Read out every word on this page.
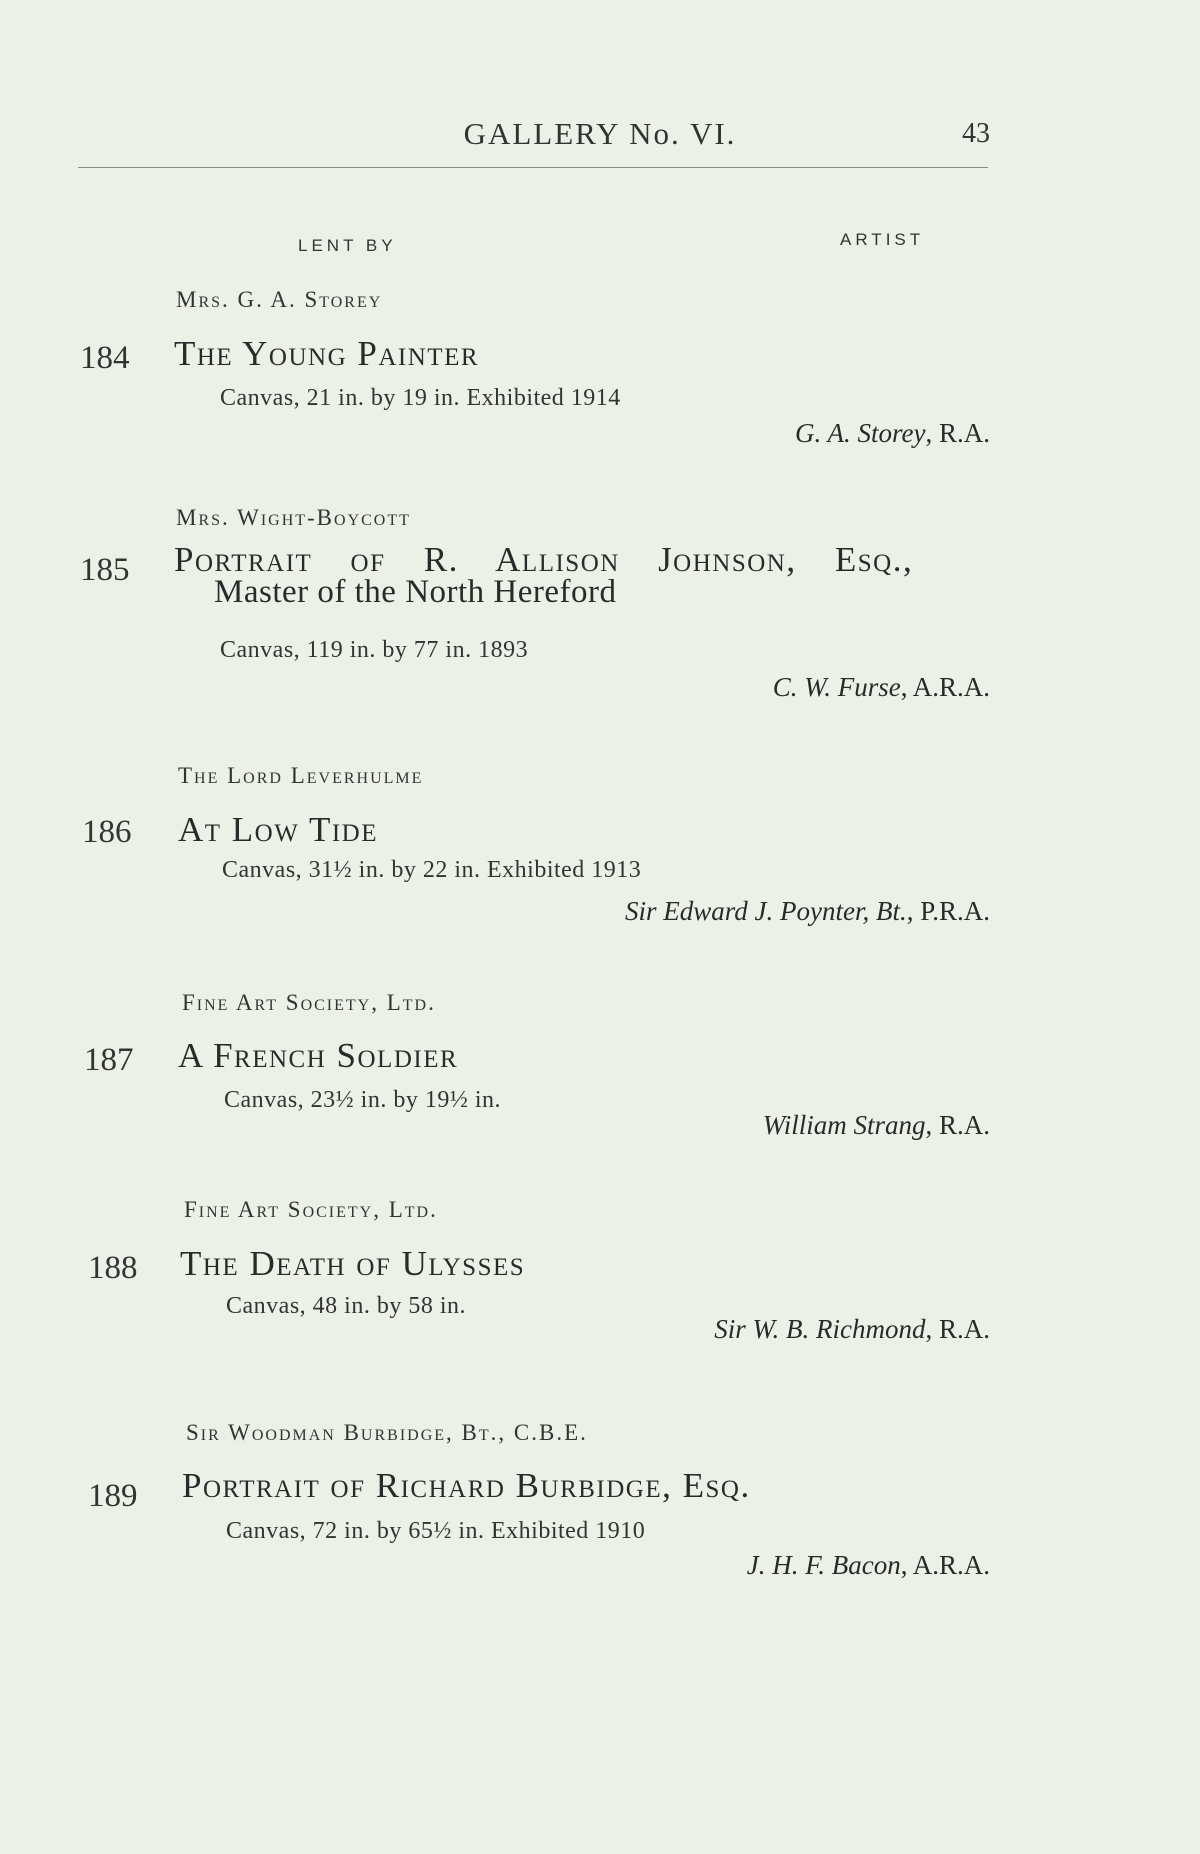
GALLERY No. VI.	43
LENT BY	ARTIST
Mrs. G. A. Storey
184 The Young Painter
Canvas, 21 in. by 19 in. Exhibited 1914
G. A. Storey, R.A.
Mrs. Wight-Boycott
185 Portrait of R. Allison Johnson, Esq.,
Master of the North Hereford
Canvas, 119 in. by 77 in. 1893
C. W. Furse, A.R.A.
The Lord Leverhulme
186 At Low Tide
Canvas, 31½ in. by 22 in. Exhibited 1913
Sir Edward J. Poynter, Bt., P.R.A.
Fine Art Society, Ltd.
187 A French Soldier
Canvas, 23½ in. by 19½ in.
William Strang, R.A.
Fine Art Society, Ltd.
188 The Death of Ulysses
Canvas, 48 in. by 58 in.
Sir W. B. Richmond, R.A.
Sir Woodman Burbidge, Bt., C.B.E.
189 Portrait of Richard Burbidge, Esq.
Canvas, 72 in. by 65½ in. Exhibited 1910
J. H. F. Bacon, A.R.A.
